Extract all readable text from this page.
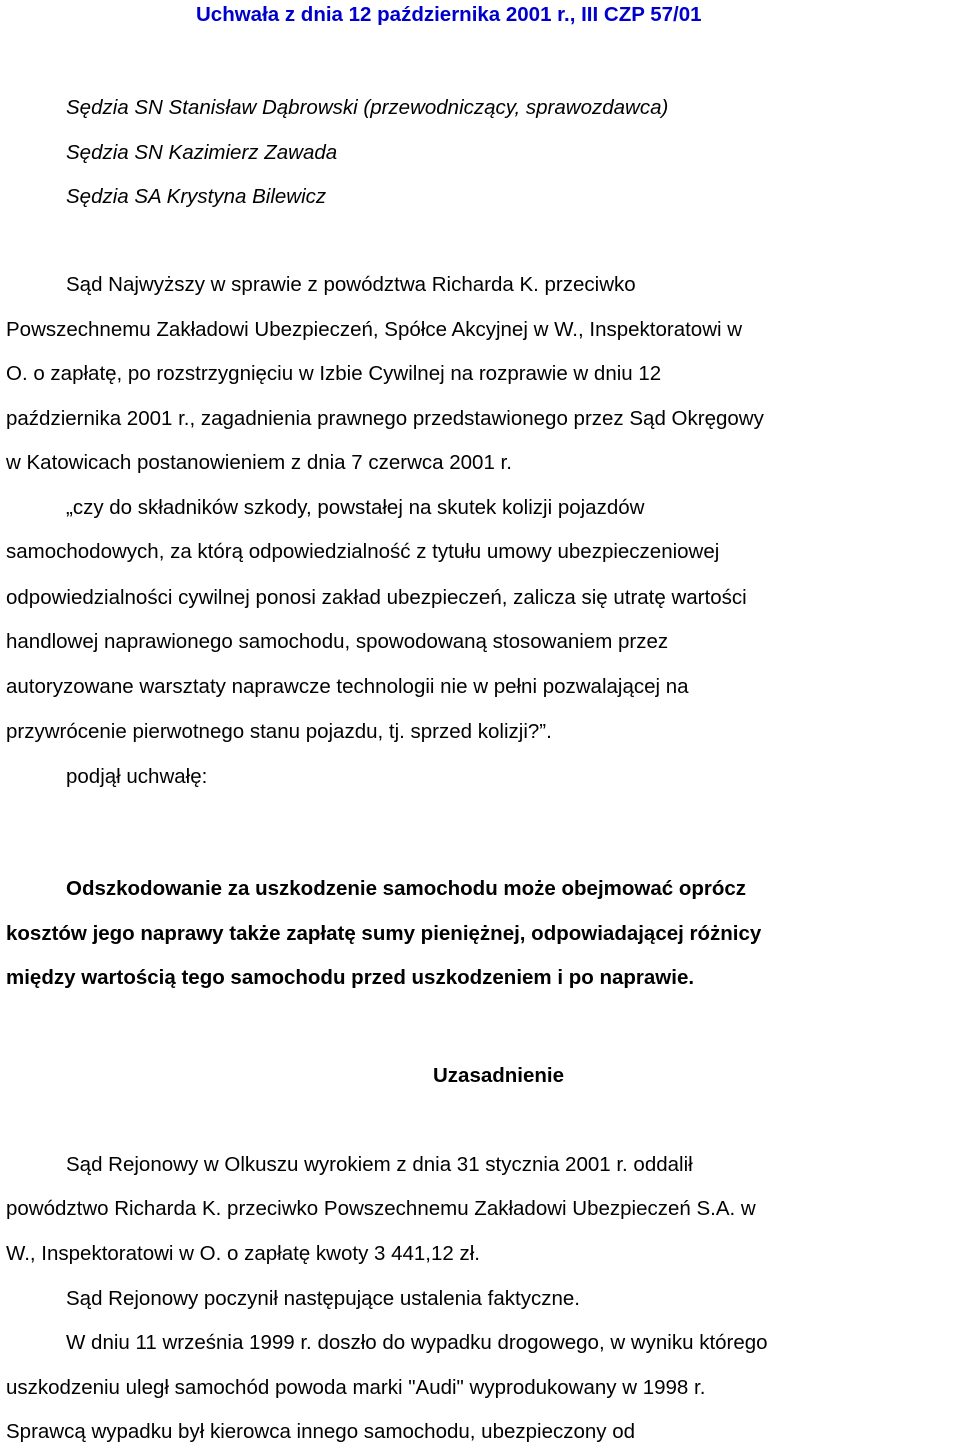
Uchwała z dnia 12 października 2001 r., III CZP 57/01
Sędzia SN Stanisław Dąbrowski (przewodniczący, sprawozdawca)
Sędzia SN Kazimierz Zawada
Sędzia SA Krystyna Bilewicz
Sąd Najwyższy w sprawie z powództwa Richarda K. przeciwko
Powszechnemu Zakładowi Ubezpieczeń, Spółce Akcyjnej w W., Inspektoratowi w
O. o zapłatę, po rozstrzygnięciu w Izbie Cywilnej na rozprawie w dniu 12
października 2001 r., zagadnienia prawnego przedstawionego przez Sąd Okręgowy
w Katowicach postanowieniem z dnia 7 czerwca 2001 r.
„czy do składników szkody, powstałej na skutek kolizji pojazdów
samochodowych, za którą odpowiedzialność z tytułu umowy ubezpieczeniowej
odpowiedzialności cywilnej ponosi zakład ubezpieczeń, zalicza się utratę wartości
handlowej naprawionego samochodu, spowodowaną stosowaniem przez
autoryzowane warsztaty naprawcze technologii nie w pełni pozwalającej na
przywrócenie pierwotnego stanu pojazdu, tj. sprzed kolizji?”.
podjął uchwałę:
Odszkodowanie za uszkodzenie samochodu może obejmować oprócz
kosztów jego naprawy także zapłatę sumy pieniężnej, odpowiadającej różnicy
między wartością tego samochodu przed uszkodzeniem i po naprawie.
Uzasadnienie
Sąd Rejonowy w Olkuszu wyrokiem z dnia 31 stycznia 2001 r. oddalił
powództwo Richarda K. przeciwko Powszechnemu Zakładowi Ubezpieczeń S.A. w
W., Inspektoratowi w O. o zapłatę kwoty 3 441,12 zł.
Sąd Rejonowy poczynił następujące ustalenia faktyczne.
W dniu 11 września 1999 r. doszło do wypadku drogowego, w wyniku którego
uszkodzeniu uległ samochód powoda marki "Audi" wyprodukowany w 1998 r.
Sprawcą wypadku był kierowca innego samochodu, ubezpieczony od
